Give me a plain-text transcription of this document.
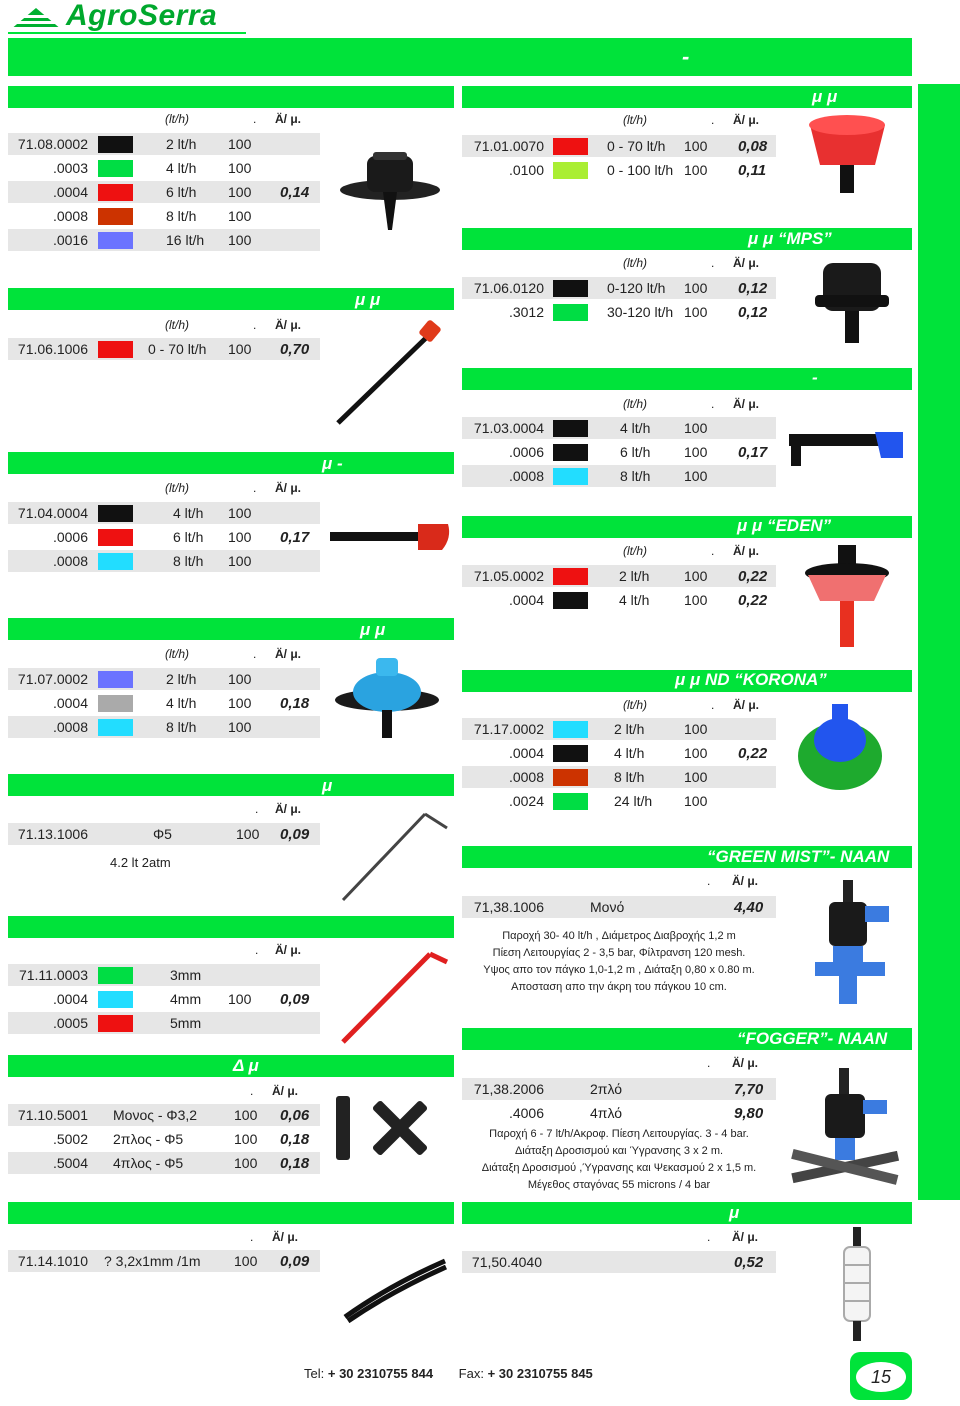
AgroSerra
-
(lt/h)	. Ä/ μ.
71.08.0002	2 lt/h 100
.0003	4 lt/h 100
.0004	6 lt/h 100 0,14
.0008	8 lt/h 100
.0016	16 lt/h 100
μ μ
(lt/h)	. Ä/ μ.
71.06.1006	0 - 70 lt/h 100 0,70
μ -
(lt/h)	. Ä/ μ.
71.04.0004	4 lt/h 100
.0006	6 lt/h 100 0,17
.0008	8 lt/h 100
μ μ
(lt/h)	. Ä/ μ.
71.07.0002	2 lt/h 100
.0004	4 lt/h 100 0,18
.0008	8 lt/h 100
μ
. Ä/ μ.
71.13.1006	Φ5	100 0,09
4.2 lt 2atm
. Ä/ μ.
71.11.0003	3mm
.0004	4mm 100 0,09
.0005	5mm
Δ μ
. Ä/ μ.
71.10.5001 Μονος - Φ3,2	100 0,06
.5002 2πλος - Φ5	100 0,18
.5004 4πλος - Φ5	100 0,18
. Ä/ μ.
71.14.1010 ? 3,2x1mm /1m 100 0,09
μ μ
(lt/h)	. Ä/ μ.
71.01.0070	0 - 70 lt/h 100 0,08
.0100	0 - 100 lt/h 100 0,11
μ μ “MPS”
(lt/h)	. Ä/ μ.
71.06.0120	0-120 lt/h 100 0,12
.3012	30-120 lt/h 100 0,12
-
(lt/h)	. Ä/ μ.
71.03.0004	4 lt/h 100
.0006	6 lt/h 100 0,17
.0008	8 lt/h 100
μ μ “EDEN”
(lt/h)	. Ä/ μ.
71.05.0002	2 lt/h 100 0,22
.0004	4 lt/h 100 0,22
μ μ ND “KORONA”
(lt/h)	. Ä/ μ.
71.17.0002	2 lt/h	100
.0004	4 lt/h	100 0,22
.0008	8 lt/h	100
.0024	24 lt/h 100
“GREEN MIST”- NAAN
. Ä/ μ.
71,38.1006	Μονό	4,40
Παροχή 30- 40 lt/h , Διάμετρος Διαβροχής 1,2 m
Πίεση Λειτουργίας 2 - 3,5 bar, Φίλτρανση 120 mesh.
Υψος απο τον πάγκο 1,0-1,2 m , Διάταξη 0,80 x 0.80 m.
Αποσταση απο την άκρη του πάγκου 10 cm.
“FOGGER”- NAAN
. Ä/ μ.
71,38.2006	2πλό	7,70
.4006	4πλό	9,80
Παροχή 6 - 7 lt/h/Ακροφ. Πίεση Λειτουργίας. 3 - 4 bar.
Διάταξη Δροσισμού και Ύγρανσης 3 x 2 m.
Διάταξη Δροσισμού ,Ύγρανσης και Ψεκασμού 2 x 1,5 m.
Μέγεθος σταγόνας 55 microns / 4 bar
μ
. Ä/ μ.
71,50.4040	0,52
Tel: + 30 2310755 844 Fax: + 30 2310755 845	15
